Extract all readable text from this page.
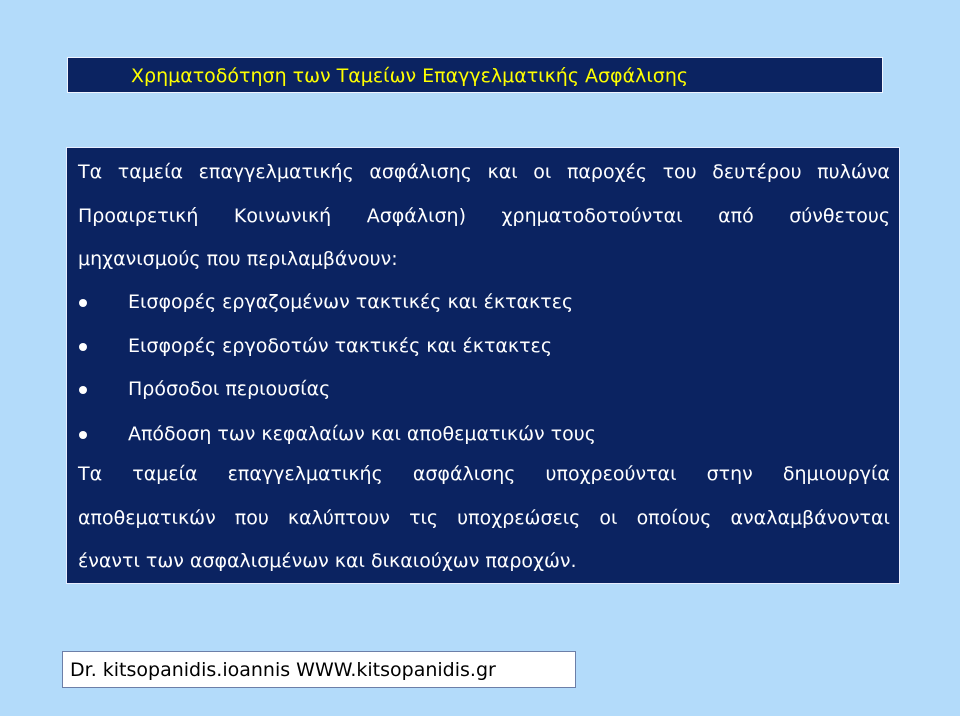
Χρηματοδότηση των Ταμείων Επαγγελματικής Ασφάλισης
Τα ταμεία επαγγελματικής ασφάλισης και οι παροχές του δευτέρου πυλώνα
Προαιρετική Κοινωνική Ασφάλιση) χρηματοδοτούνται από σύνθετους
μηχανισμούς που περιλαμβάνουν:
Εισφορές εργαζομένων τακτικές και έκτακτες
Εισφορές εργοδοτών τακτικές και έκτακτες
Πρόσοδοι περιουσίας
Απόδοση των κεφαλαίων και αποθεματικών τους
Τα ταμεία επαγγελματικής ασφάλισης υποχρεούνται στην δημιουργία
αποθεματικών που καλύπτουν τις υποχρεώσεις οι οποίους αναλαμβάνονται
έναντι των ασφαλισμένων και δικαιούχων παροχών.
Dr. kitsopanidis.ioannis WWW.kitsopanidis.gr
